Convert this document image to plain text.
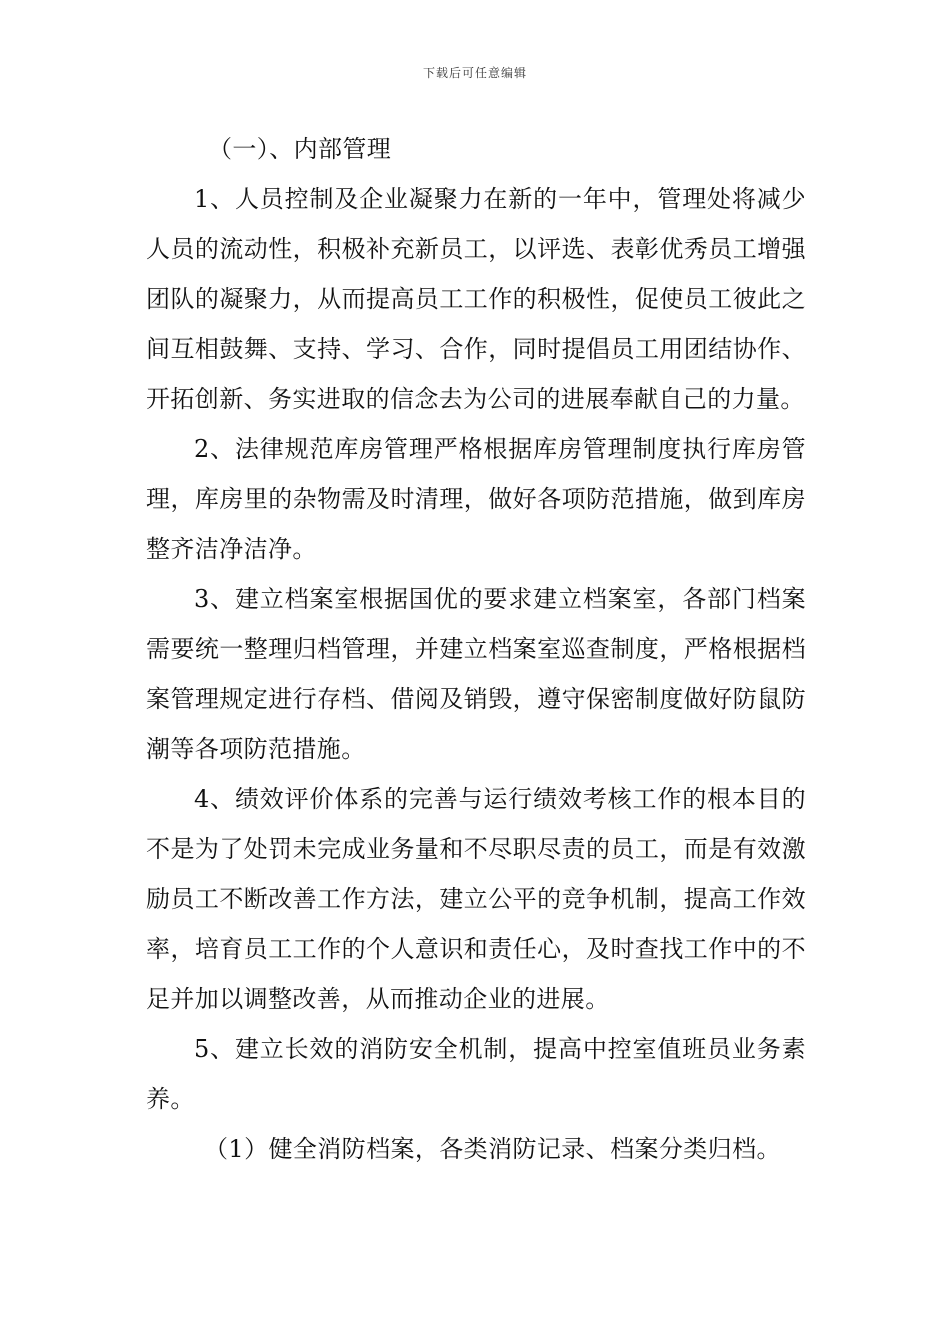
下载后可任意编辑

（一）、内部管理

1、人员控制及企业凝聚力在新的一年中，管理处将减少人员的流动性，积极补充新员工，以评选、表彰优秀员工增强团队的凝聚力，从而提高员工工作的积极性，促使员工彼此之间互相鼓舞、支持、学习、合作，同时提倡员工用团结协作、开拓创新、务实进取的信念去为公司的进展奉献自己的力量。

2、法律规范库房管理严格根据库房管理制度执行库房管理，库房里的杂物需及时清理，做好各项防范措施，做到库房整齐洁净洁净。

3、建立档案室根据国优的要求建立档案室，各部门档案需要统一整理归档管理，并建立档案室巡查制度，严格根据档案管理规定进行存档、借阅及销毁，遵守保密制度做好防鼠防潮等各项防范措施。

4、绩效评价体系的完善与运行绩效考核工作的根本目的不是为了处罚未完成业务量和不尽职尽责的员工，而是有效激励员工不断改善工作方法，建立公平的竞争机制，提高工作效率，培育员工工作的个人意识和责任心，及时查找工作中的不足并加以调整改善，从而推动企业的进展。

5、建立长效的消防安全机制，提高中控室值班员业务素养。

（1）健全消防档案，各类消防记录、档案分类归档。
